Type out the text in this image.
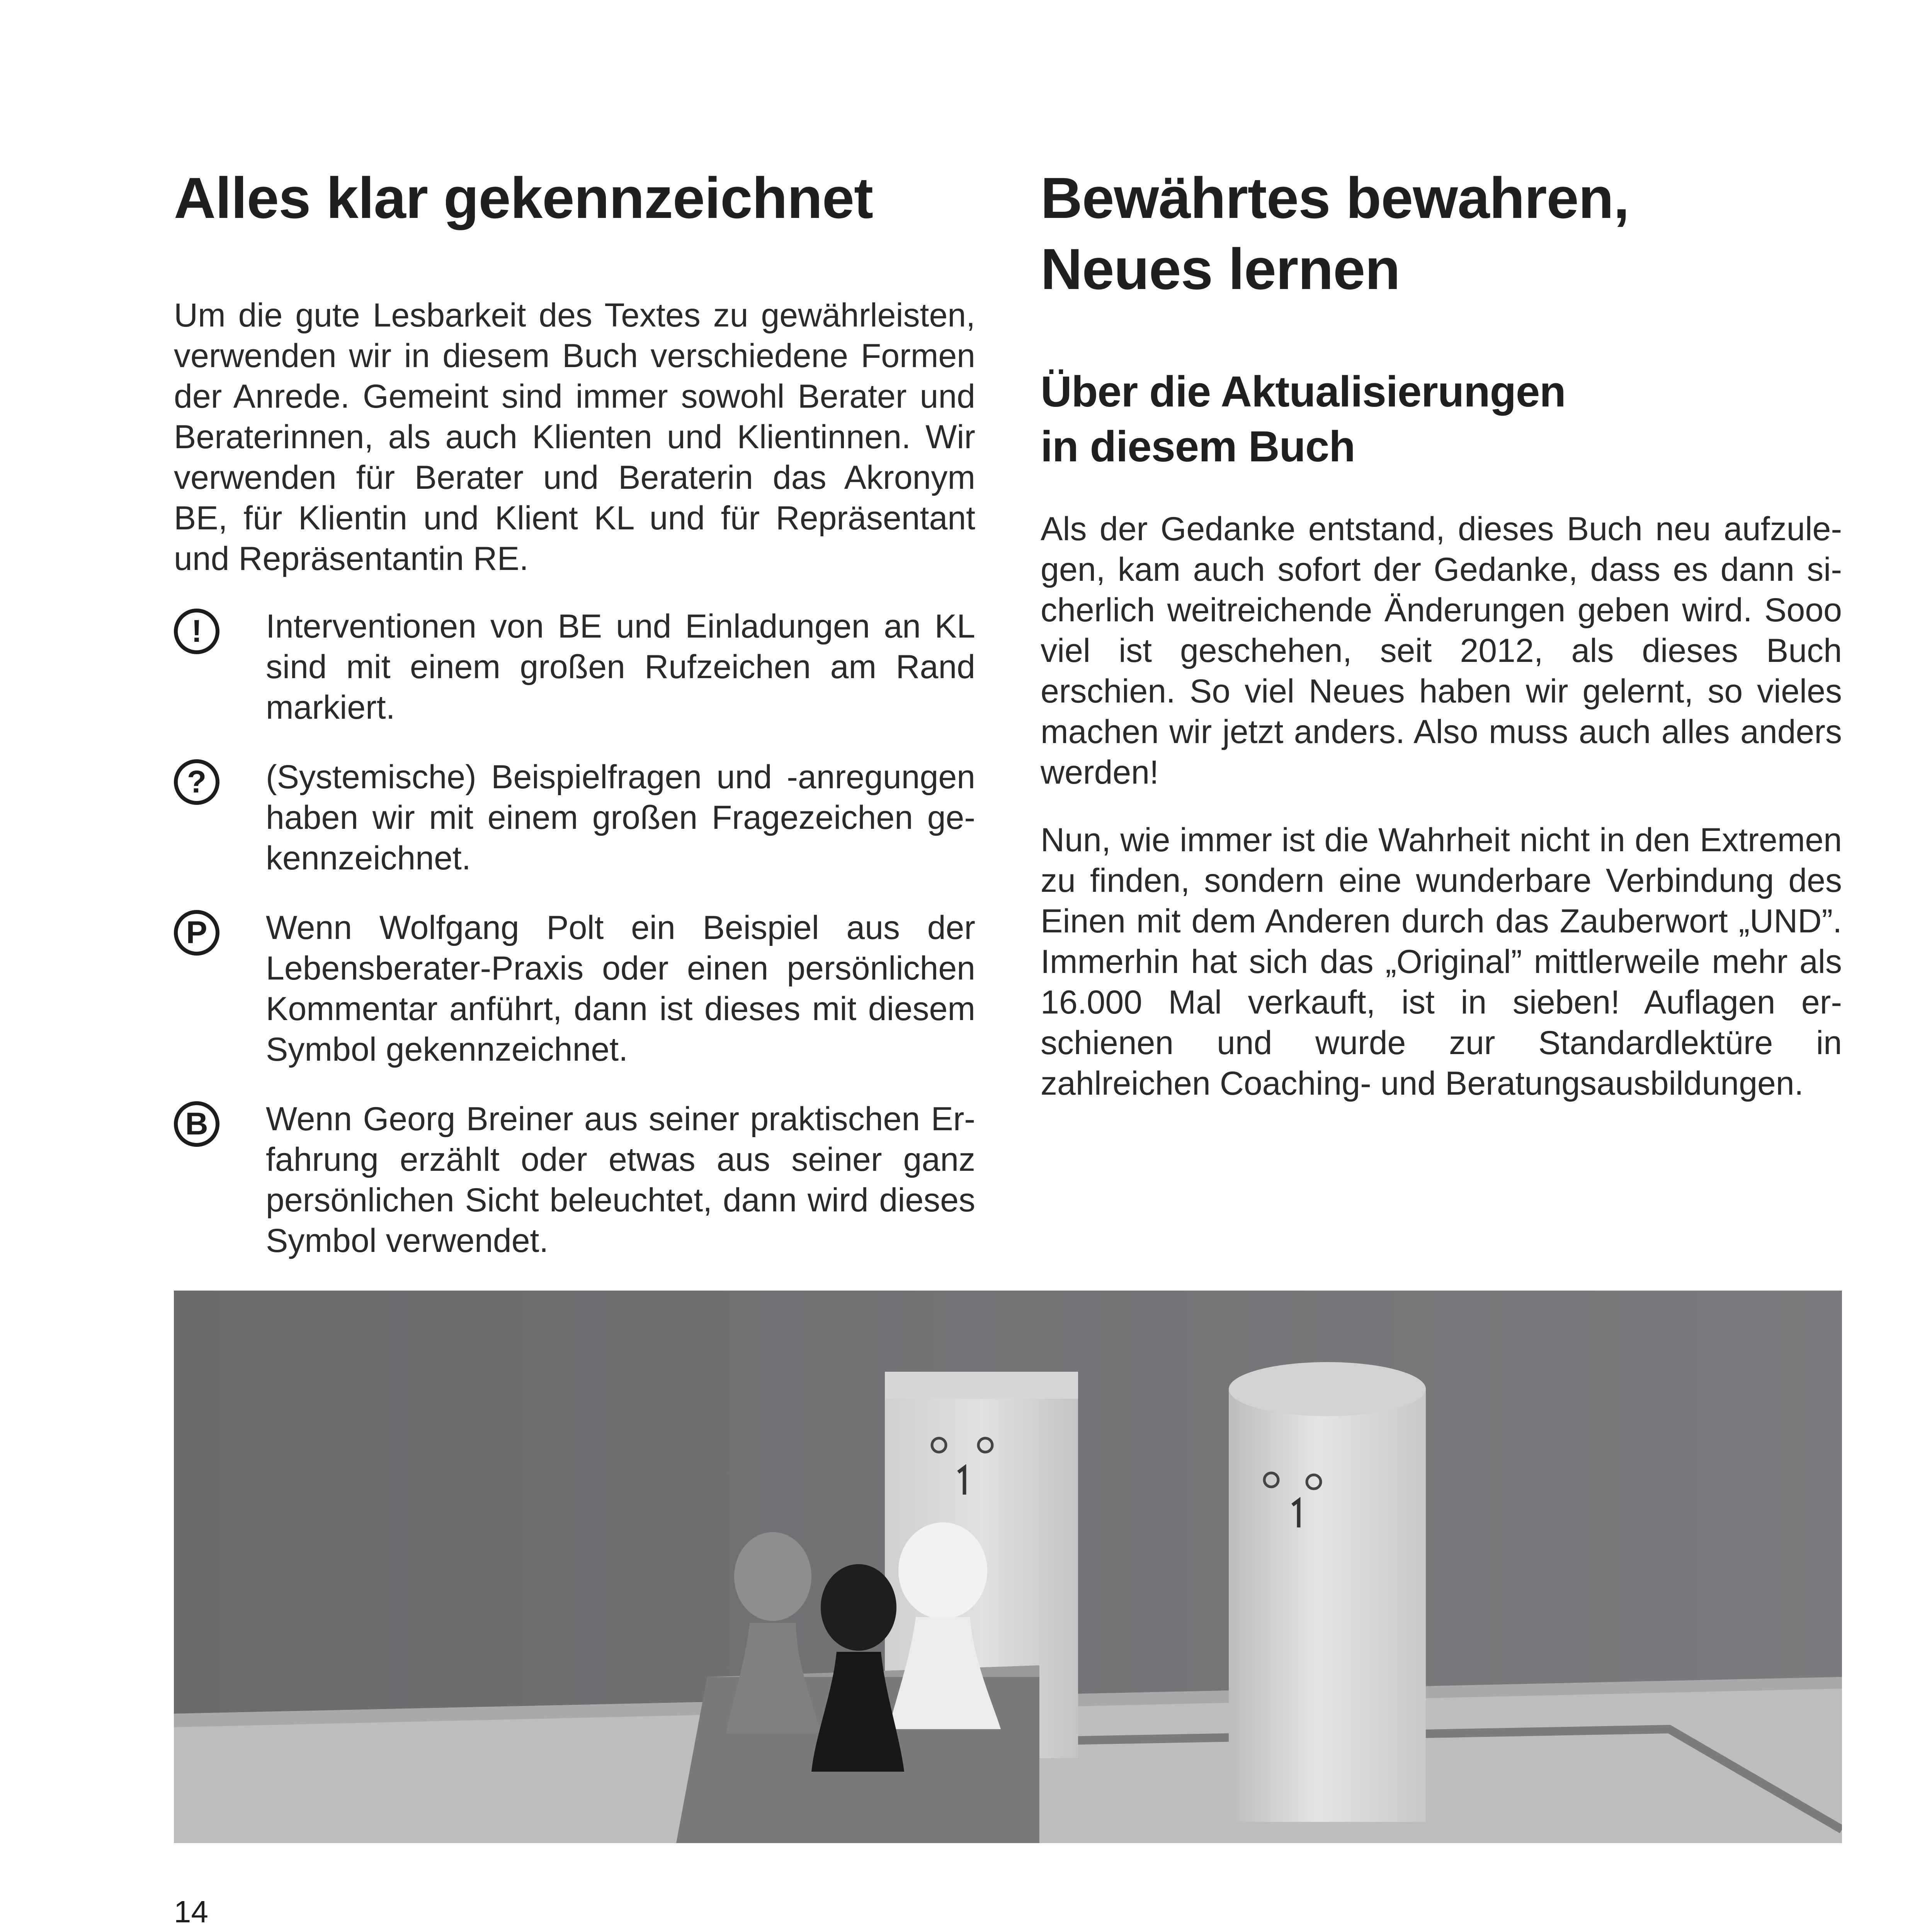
Alles klar gekennzeichnet

Um die gute Lesbarkeit des Textes zu gewährleisten, verwenden wir in diesem Buch verschiedene Formen der Anrede. Gemeint sind immer sowohl Berater und Beraterinnen, als auch Klienten und Klientinnen. Wir verwenden für Berater und Beraterin das Akronym BE, für Klientin und Klient KL und für Repräsentant und Repräsentantin RE.

!	Interventionen von BE und Einladungen an KL sind mit einem großen Rufzeichen am Rand markiert.

?	(Systemische) Beispielfragen und -anregungen haben wir mit einem großen Fragezeichen gekennzeichnet.

P	Wenn Wolfgang Polt ein Beispiel aus der Lebensberater-Praxis oder einen persönlichen Kommentar anführt, dann ist dieses mit diesem Symbol gekennzeichnet.

B	Wenn Georg Breiner aus seiner praktischen Erfahrung erzählt oder etwas aus seiner ganz persönlichen Sicht beleuchtet, dann wird dieses Symbol verwendet.

Bewährtes bewahren,
Neues lernen
Über die Aktualisierungen
in diesem Buch

Als der Gedanke entstand, dieses Buch neu aufzulegen, kam auch sofort der Gedanke, dass es dann sicherlich weitreichende Änderungen geben wird. Sooo viel ist geschehen, seit 2012, als dieses Buch erschien. So viel Neues haben wir gelernt, so vieles machen wir jetzt anders. Also muss auch alles anders werden!

Nun, wie immer ist die Wahrheit nicht in den Extremen zu finden, sondern eine wunderbare Verbindung des Einen mit dem Anderen durch das Zauberwort „UND”. Immerhin hat sich das „Original” mittlerweile mehr als 16.000 Mal verkauft, ist in sieben! Auflagen erschienen und wurde zur Standardlektüre in zahlreichen Coaching- und Beratungsausbildungen.

14
